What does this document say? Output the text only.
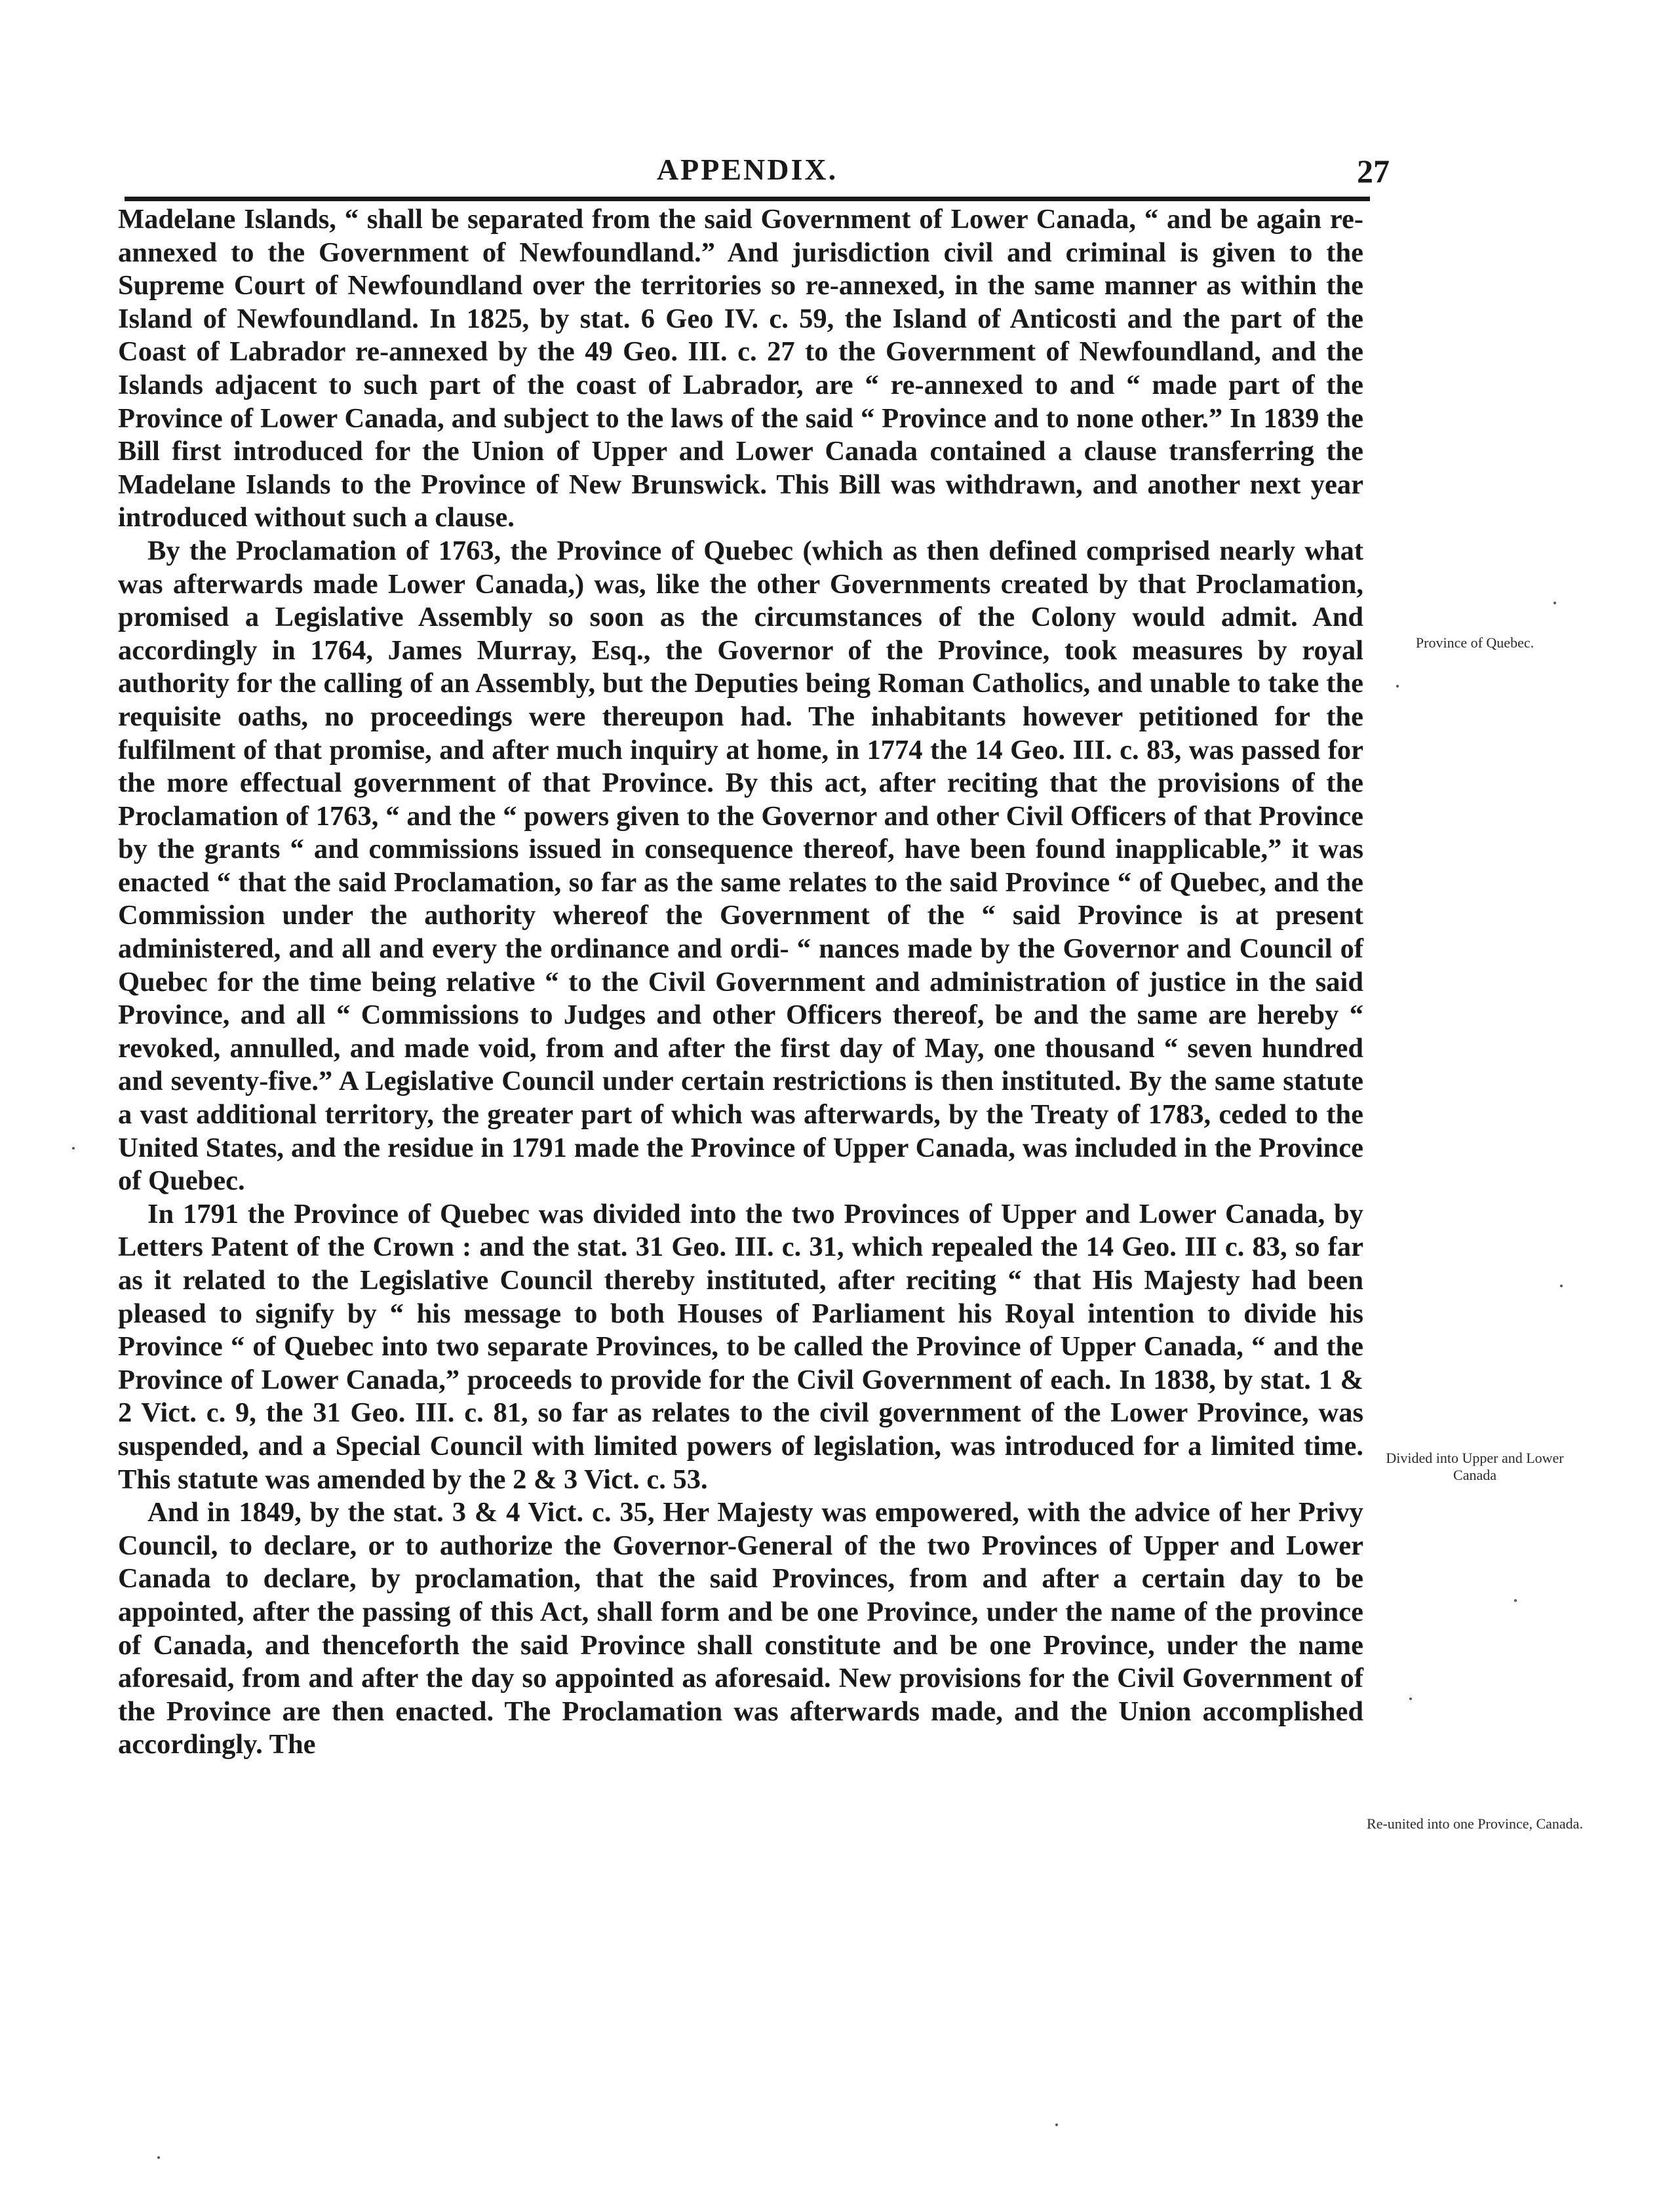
APPENDIX.	27

Madelane Islands, “ shall be separated from the said Government of Lower Canada, “ and be again re-annexed to the Government of Newfoundland.” And jurisdiction civil and criminal is given to the Supreme Court of Newfoundland over the territories so re-annexed, in the same manner as within the Island of Newfoundland. In 1825, by stat. 6 Geo IV. c. 59, the Island of Anticosti and the part of the Coast of Labrador re-annexed by the 49 Geo. III. c. 27 to the Government of Newfoundland, and the Islands adjacent to such part of the coast of Labrador, are “ re-annexed to and “ made part of the Province of Lower Canada, and subject to the laws of the said “ Province and to none other.” In 1839 the Bill first introduced for the Union of Upper and Lower Canada contained a clause transferring the Madelane Islands to the Province of New Brunswick. This Bill was withdrawn, and another next year introduced without such a clause.

By the Proclamation of 1763, the Province of Quebec (which as then defined comprised nearly what was afterwards made Lower Canada,) was, like the other Governments created by that Proclamation, promised a Legislative Assembly so soon as the circumstances of the Colony would admit. And accordingly in 1764, James Murray, Esq., the Governor of the Province, took measures by royal authority for the calling of an Assembly, but the Deputies being Roman Catholics, and unable to take the requisite oaths, no proceedings were thereupon had. The inhabitants however petitioned for the fulfilment of that promise, and after much inquiry at home, in 1774 the 14 Geo. III. c. 83, was passed for the more effectual government of that Province. By this act, after reciting that the provisions of the Proclamation of 1763, “ and the “ powers given to the Governor and other Civil Officers of that Province by the grants “ and commissions issued in consequence thereof, have been found inapplicable,” it was enacted “ that the said Proclamation, so far as the same relates to the said Province “ of Quebec, and the Commission under the authority whereof the Government of the “ said Province is at present administered, and all and every the ordinance and ordi- “ nances made by the Governor and Council of Quebec for the time being relative “ to the Civil Government and administration of justice in the said Province, and all “ Commissions to Judges and other Officers thereof, be and the same are hereby “ revoked, annulled, and made void, from and after the first day of May, one thousand “ seven hundred and seventy-five.” A Legislative Council under certain restrictions is then instituted. By the same statute a vast additional territory, the greater part of which was afterwards, by the Treaty of 1783, ceded to the United States, and the residue in 1791 made the Province of Upper Canada, was included in the Province of Quebec.

In 1791 the Province of Quebec was divided into the two Provinces of Upper and Lower Canada, by Letters Patent of the Crown : and the stat. 31 Geo. III. c. 31, which repealed the 14 Geo. III c. 83, so far as it related to the Legislative Council thereby instituted, after reciting “ that His Majesty had been pleased to signify by “ his message to both Houses of Parliament his Royal intention to divide his Province “ of Quebec into two separate Provinces, to be called the Province of Upper Canada, “ and the Province of Lower Canada,” proceeds to provide for the Civil Government of each. In 1838, by stat. 1 & 2 Vict. c. 9, the 31 Geo. III. c. 81, so far as relates to the civil government of the Lower Province, was suspended, and a Special Council with limited powers of legislation, was introduced for a limited time. This statute was amended by the 2 & 3 Vict. c. 53.

And in 1849, by the stat. 3 & 4 Vict. c. 35, Her Majesty was empowered, with the advice of her Privy Council, to declare, or to authorize the Governor-General of the two Provinces of Upper and Lower Canada to declare, by proclamation, that the said Provinces, from and after a certain day to be appointed, after the passing of this Act, shall form and be one Province, under the name of the province of Canada, and thenceforth the said Province shall constitute and be one Province, under the name aforesaid, from and after the day so appointed as aforesaid. New provisions for the Civil Government of the Province are then enacted. The Proclamation was afterwards made, and the Union accomplished accordingly. The

Province of Quebec.
Divided into Upper and Lower Canada
Re-united into one Province, Canada.
